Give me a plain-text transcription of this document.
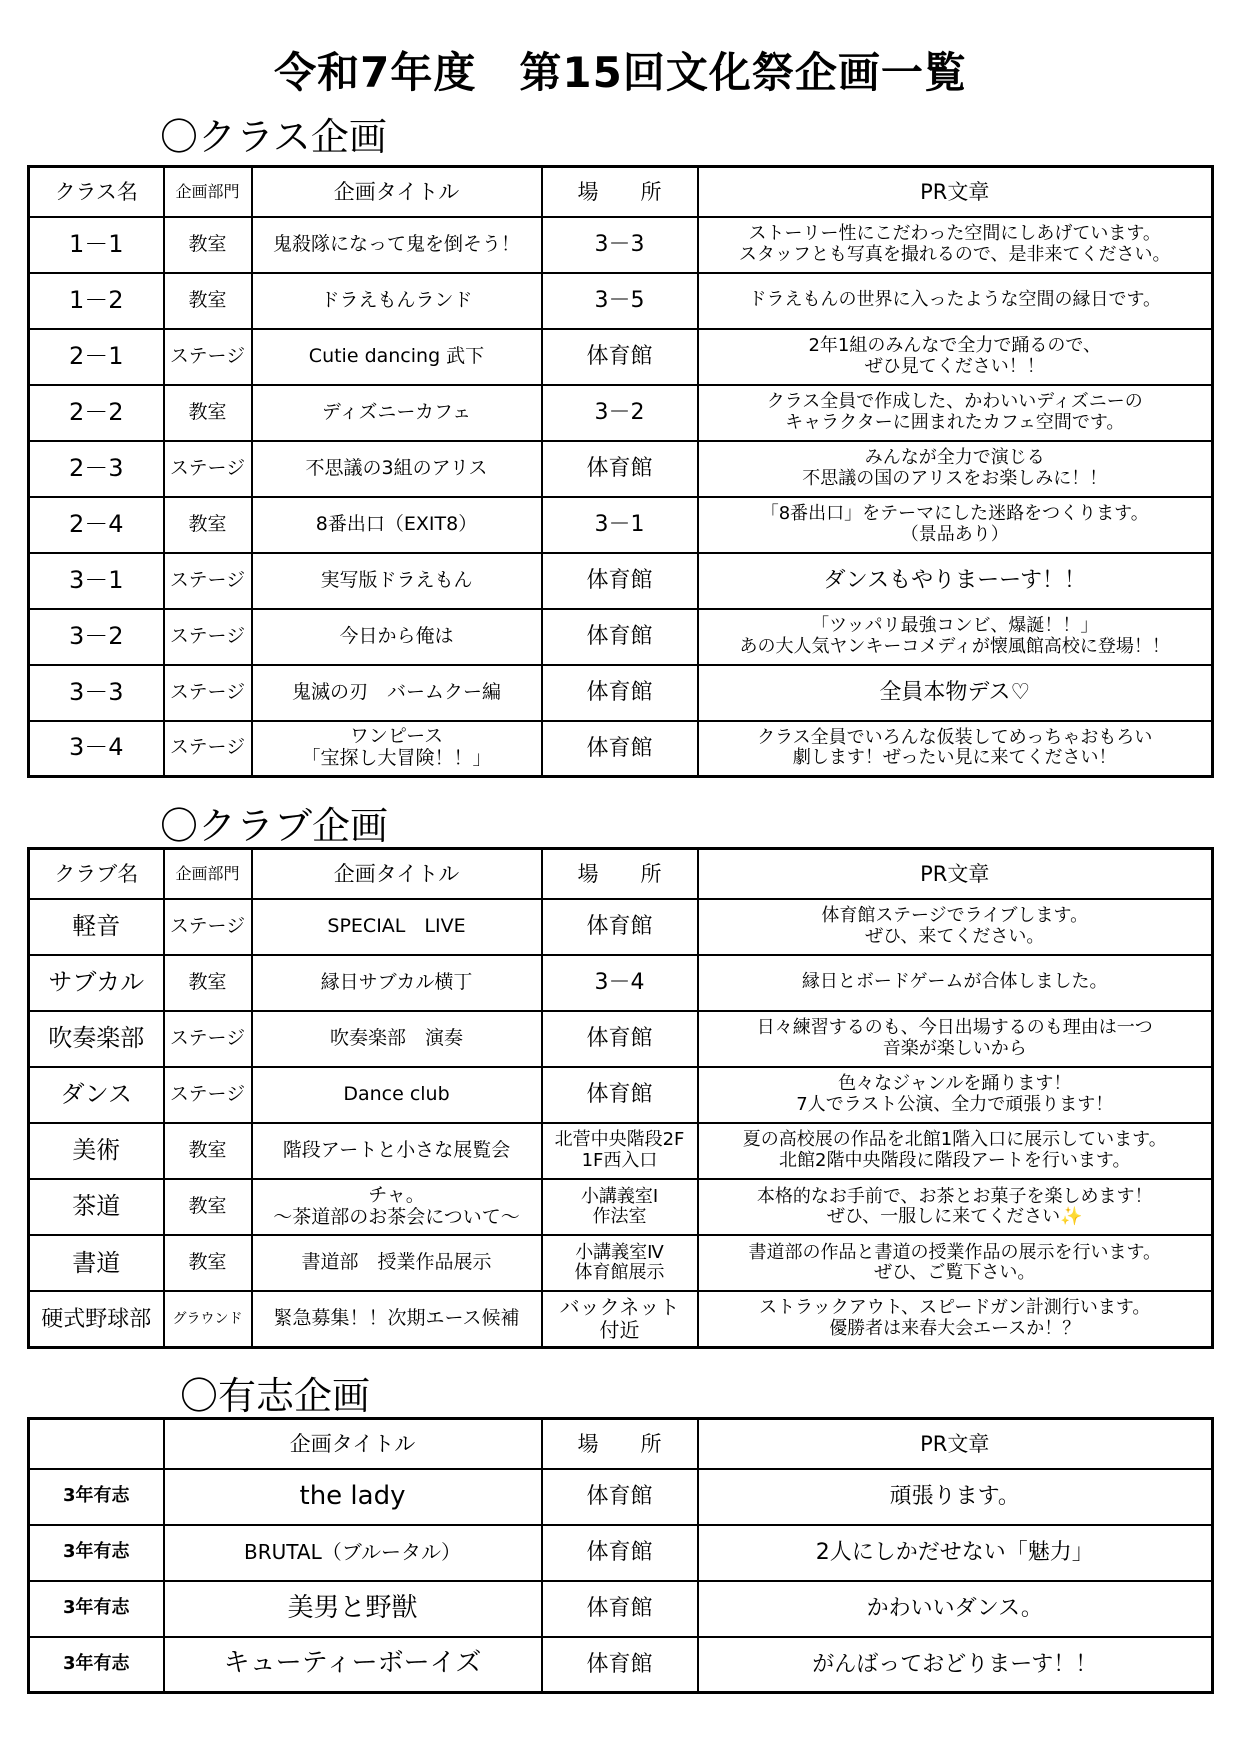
令和7年度　第15回文化祭企画一覧
〇クラス企画
クラス名	企画部門	企画タイトル	場　　所	PR文章
1－1	教室	鬼殺隊になって鬼を倒そう！	3－3	ストーリー性にこだわった空間にしあげています。
スタッフとも写真を撮れるので、是非来てください。
1－2	教室	ドラえもんランド	3－5	ドラえもんの世界に入ったような空間の縁日です。
2－1	ステージ	Cutie dancing 武下	体育館	2年1組のみんなで全力で踊るので、
ぜひ見てください！！
2－2	教室	ディズニーカフェ	3－2	クラス全員で作成した、かわいいディズニーの
キャラクターに囲まれたカフェ空間です。
2－3	ステージ	不思議の3組のアリス	体育館	みんなが全力で演じる
不思議の国のアリスをお楽しみに！！
2－4	教室	8番出口（EXIT8）	3－1	「8番出口」をテーマにした迷路をつくります。
（景品あり）
3－1	ステージ	実写版ドラえもん	体育館	ダンスもやりまーーす！！
3－2	ステージ	今日から俺は	体育館	「ツッパリ最強コンビ、爆誕！！」
あの大人気ヤンキーコメディが懐風館高校に登場！！
3－3	ステージ	鬼滅の刃　バームクー編	体育館	全員本物デス♡
3－4	ステージ	ワンピース
「宝探し大冒険！！」	体育館	クラス全員でいろんな仮装してめっちゃおもろい
劇します！ぜったい見に来てください！
〇クラブ企画
クラブ名	企画部門	企画タイトル	場　　所	PR文章
軽音	ステージ	SPECIAL　LIVE	体育館	体育館ステージでライブします。
ぜひ、来てください。
サブカル	教室	縁日サブカル横丁	3－4	縁日とボードゲームが合体しました。
吹奏楽部	ステージ	吹奏楽部　演奏	体育館	日々練習するのも、今日出場するのも理由は一つ
音楽が楽しいから
ダンス	ステージ	Dance club	体育館	色々なジャンルを踊ります！
7人でラスト公演、全力で頑張ります！
美術	教室	階段アートと小さな展覧会	北菅中央階段2F
1F西入口	夏の高校展の作品を北館1階入口に展示しています。
北館2階中央階段に階段アートを行います。
茶道	教室	チャ。
～茶道部のお茶会について～	小講義室Ⅰ
作法室	本格的なお手前で、お茶とお菓子を楽しめます！
ぜひ、一服しに来てください✨
書道	教室	書道部　授業作品展示	小講義室Ⅳ
体育館展示	書道部の作品と書道の授業作品の展示を行います。
ぜひ、ご覧下さい。
硬式野球部	グラウンド	緊急募集！！次期エース候補	バックネット
付近	ストラックアウト、スピードガン計測行います。
優勝者は来春大会エースか！？
〇有志企画
	企画タイトル	場　　所	PR文章
3年有志	the lady	体育館	頑張ります。
3年有志	BRUTAL（ブルータル）	体育館	2人にしかだせない「魅力」
3年有志	美男と野獣	体育館	かわいいダンス。
3年有志	キューティーボーイズ	体育館	がんばっておどりまーす！！
